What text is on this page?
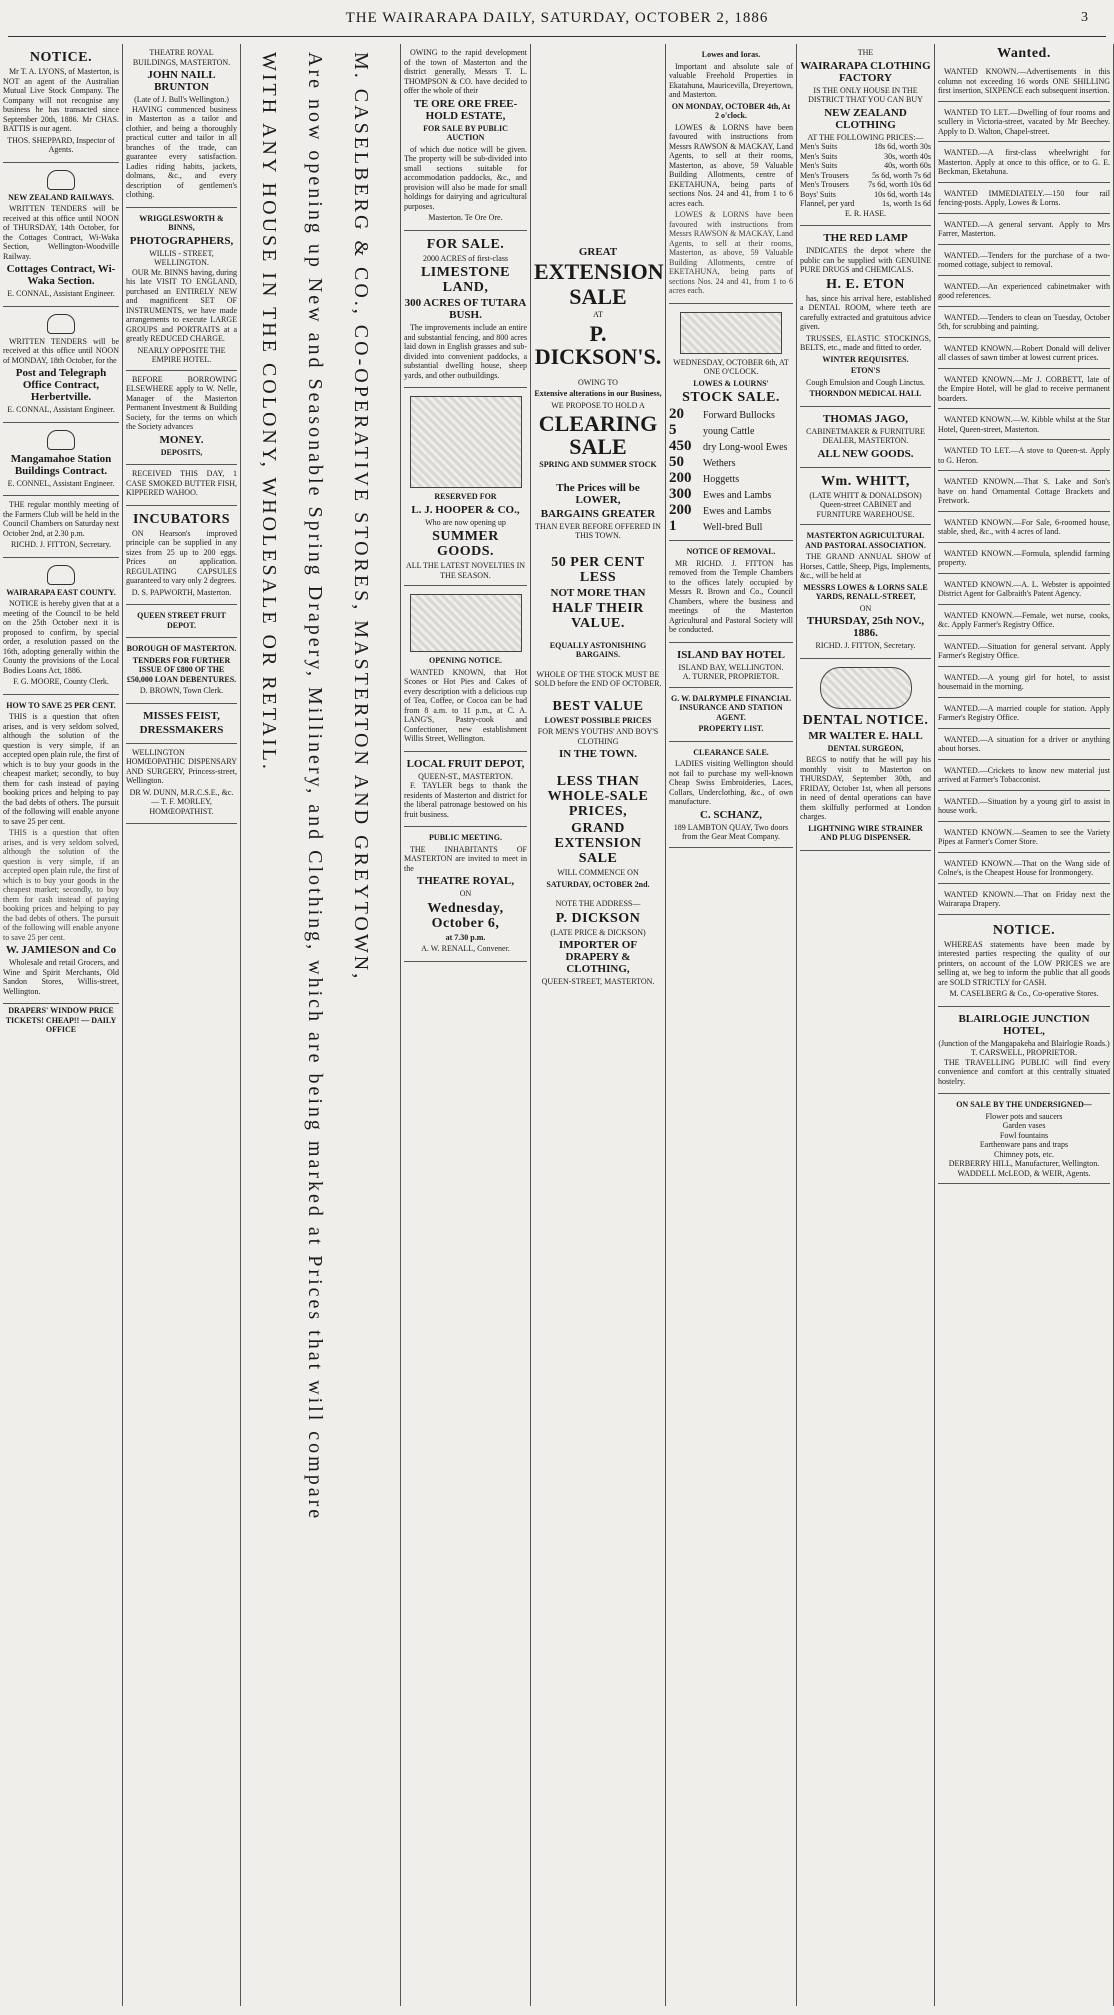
THE WAIRARAPA DAILY, SATURDAY, OCTOBER 2, 1886	3
NOTICE.

Mr T. A. LYONS, of Masterton, is NOT an agent of the Australian Mutual Live Stock Company. The Company will not recognise any business he has transacted since September 20th, 1886. Mr CHAS. BATTIS is our agent.

THOS. SHEPPARD, Inspector of Agents.

NEW ZEALAND RAILWAYS.

WRITTEN TENDERS will be received at this office until NOON of THURSDAY, 14th October, for the Cottages Contract, Wi-Waka Section, Wellington-Woodville Railway.

Cottages Contract, Wi-Waka Section.

E. CONNAL, Assistant Engineer.

WRITTEN TENDERS will be received at this office until NOON of MONDAY, 18th October, for the

Post and Telegraph Office Contract, Herbertville.

E. CONNAL, Assistant Engineer.

Mangamahoe Station Buildings Contract.

E. CONNEL, Assistant Engineer.

THE regular monthly meeting of the Farmers Club will be held in the Council Chambers on Saturday next October 2nd, at 2.30 p.m.

RICHD. J. FITTON, Secretary.

WAIRARAPA EAST COUNTY.

NOTICE is hereby given that at a meeting of the Council to be held on the 25th October next it is proposed to confirm, by special order, a resolution passed on the 16th, adopting generally within the County the provisions of the Local Bodies Loans Act, 1886.

F. G. MOORE, County Clerk.

HOW TO SAVE 25 PER CENT.

THIS is a question that often arises, and is very seldom solved, although the solution of the question is very simple, if an accepted open plain rule, the first of which is to buy your goods in the cheapest market; secondly, to buy them for cash instead of paying booking prices and helping to pay the bad debts of others. The pursuit of the following will enable anyone to save 25 per cent.

THIS is a question that often arises, and is very seldom solved, although the solution of the question is very simple, if an accepted open plain rule, the first of which is to buy your goods in the cheapest market; secondly, to buy them for cash instead of paying booking prices and helping to pay the bad debts of others. The pursuit of the following will enable anyone to save 25 per cent.

W. JAMIESON and Co

Wholesale and retail Grocers, and Wine and Spirit Merchants, Old Sandon Stores, Willis-street, Wellington.

DRAPERS' WINDOW PRICE TICKETS! CHEAP!! — DAILY OFFICE
THEATRE ROYAL BUILDINGS, MASTERTON.
JOHN NAILL BRUNTON
(Late of J. Bull's Wellington.)

HAVING commenced business in Masterton as a tailor and clothier, and being a thoroughly practical cutter and tailor in all branches of the trade, can guarantee every satisfaction. Ladies riding habits, jackets, dolmans, &c., and every description of gentlemen's clothing.

WRIGGLESWORTH & BINNS,
PHOTOGRAPHERS,
WILLIS - STREET, WELLINGTON.

OUR Mr. BINNS having, during his late VISIT TO ENGLAND, purchased an ENTIRELY NEW and magnificent SET OF INSTRUMENTS, we have made arrangements to execute LARGE GROUPS and PORTRAITS at a greatly REDUCED CHARGE.

NEARLY OPPOSITE THE EMPIRE HOTEL.

BEFORE BORROWING ELSEWHERE apply to W. Nelle, Manager of the Masterton Permanent Investment & Building Society, for the terms on which the Society advances

MONEY.
DEPOSITS,

RECEIVED THIS DAY, 1 CASE SMOKED BUTTER FISH, KIPPERED WAHOO.

INCUBATORS

ON Hearson's improved principle can be supplied in any sizes from 25 up to 200 eggs. Prices on application. REGULATING CAPSULES guaranteed to vary only 2 degrees.

D. S. PAPWORTH, Masterton.

QUEEN STREET FRUIT DEPOT.
BOROUGH OF MASTERTON.
TENDERS FOR FURTHER ISSUE OF £800 OF THE £50,000 LOAN DEBENTURES.

D. BROWN, Town Clerk.

MISSES FEIST,
DRESSMAKERS

WELLINGTON HOMŒOPATHIC DISPENSARY AND SURGERY, Princess-street, Wellington.

DR W. DUNN, M.R.C.S.E., &c. — T. F. MORLEY, HOMŒOPATHIST.	M. CASELBERG & CO., CO-OPERATIVE STORES, MASTERTON AND GREYTOWN,
Are now opening up New and Seasonable Spring Drapery, Millinery, and Clothing, which are being marked at Prices that will compare
WITH ANY HOUSE IN THE COLONY, WHOLESALE OR RETAIL.	OWING to the rapid development of the town of Masterton and the district generally, Messrs T. L. THOMPSON & CO. have decided to offer the whole of their

TE ORE ORE FREE-HOLD ESTATE,
FOR SALE BY PUBLIC AUCTION

of which due notice will be given. The property will be sub-divided into small sections suitable for accommodation paddocks, &c., and provision will also be made for small holdings for dairying and agricultural purposes.

Masterton. Te Ore Ore.

FOR SALE.
2000 ACRES of first-class
LIMESTONE LAND,
300 ACRES OF TUTARA BUSH.

The improvements include an entire and substantial fencing, and 800 acres laid down in English grasses and sub-divided into convenient paddocks, a substantial dwelling house, sheep yards, and other outbuildings.

RESERVED FOR
L. J. HOOPER & CO.,
Who are now opening up
SUMMER GOODS.
ALL THE LATEST NOVELTIES IN THE SEASON.
OPENING NOTICE.

WANTED KNOWN, that Hot Scones or Hot Pies and Cakes of every description with a delicious cup of Tea, Coffee, or Cocoa can be had from 8 a.m. to 11 p.m., at C. A. LANG'S, Pastry-cook and Confectioner, new establishment Willis Street, Wellington.

LOCAL FRUIT DEPOT,
QUEEN-ST., MASTERTON.

F. TAYLER begs to thank the residents of Masterton and district for the liberal patronage bestowed on his fruit business.

PUBLIC MEETING.

THE INHABITANTS OF MASTERTON are invited to meet in the

THEATRE ROYAL,
ON
Wednesday, October 6,
at 7.30 p.m.

A. W. RENALL, Convener.

GREAT
EXTENSION
SALE
AT
P. DICKSON'S.
OWING TO
Extensive alterations in our Business,
WE PROPOSE TO HOLD A
CLEARING SALE
SPRING AND SUMMER STOCK
The Prices will be LOWER,
BARGAINS GREATER
THAN EVER BEFORE OFFERED IN THIS TOWN.
50 PER CENT LESS
NOT MORE THAN
HALF THEIR VALUE.
EQUALLY ASTONISHING BARGAINS.
WHOLE OF THE STOCK MUST BE SOLD before the END OF OCTOBER.
BEST VALUE
LOWEST POSSIBLE PRICES
FOR MEN'S YOUTHS' AND BOY'S CLOTHING
IN THE TOWN.
LESS THAN WHOLE-SALE PRICES,
GRAND EXTENSION SALE
WILL COMMENCE ON
SATURDAY, OCTOBER 2nd.
NOTE THE ADDRESS—
P. DICKSON
(LATE PRICE & DICKSON)
IMPORTER OF DRAPERY & CLOTHING,
QUEEN-STREET, MASTERTON.
Lowes and Ioras.

Important and absolute sale of valuable Freehold Properties in Ekatahuna, Mauricevilla, Dreyertown, and Masterton.

ON MONDAY, OCTOBER 4th, At 2 o'clock.

LOWES & LORNS have been favoured with instructions from Messrs RAWSON & MACKAY, Land Agents, to sell at their rooms, Masterton, as above, 59 Valuable Building Allotments, centre of EKETAHUNA, being parts of sections Nos. 24 and 41, from 1 to 6 acres each.

LOWES & LORNS have been favoured with instructions from Messrs RAWSON & MACKAY, Land Agents, to sell at their rooms, Masterton, as above, 59 Valuable Building Allotments, centre of EKETAHUNA, being parts of sections Nos. 24 and 41, from 1 to 6 acres each.

WEDNESDAY, OCTOBER 6th, AT ONE O'CLOCK.
LOWES & LOURNS'
STOCK SALE.
20 Forward Bullocks
5	young Cattle
450 dry Long-wool Ewes
50 Wethers
200 Hoggetts
300 Ewes and Lambs
200 Ewes and Lambs
1	Well-bred Bull
NOTICE OF REMOVAL.

MR RICHD. J. FITTON has removed from the Temple Chambers to the offices lately occupied by Messrs R. Brown and Co., Council Chambers, where the business and meetings of the Masterton Agricultural and Pastoral Society will be conducted.

ISLAND BAY HOTEL
ISLAND BAY, WELLINGTON.
A. TURNER, PROPRIETOR.
G. W. DALRYMPLE FINANCIAL INSURANCE AND STATION AGENT.
PROPERTY LIST.
CLEARANCE SALE.

LADIES visiting Wellington should not fail to purchase my well-known Cheap Swiss Embroideries, Laces, Collars, Underclothing, &c., of own manufacture.

C. SCHANZ,
189 LAMBTON QUAY, Two doors from the Gear Meat Company.
THE
WAIRARAPA CLOTHING FACTORY
IS THE ONLY HOUSE IN THE DISTRICT THAT YOU CAN BUY
NEW ZEALAND CLOTHING
AT THE FOLLOWING PRICES:—
Men's Suits	18s 6d, worth 30s
Men's Suits	30s, worth 40s
Men's Suits	40s, worth 60s
Men's Trousers	5s 6d, worth 7s 6d
Men's Trousers 7s 6d, worth 10s 6d
Boys' Suits	10s 6d, worth 14s
Flannel, per yard	1s, worth 1s 6d

E. R. HASE.

THE RED LAMP

INDICATES the depot where the public can be supplied with GENUINE PURE DRUGS and CHEMICALS.

H. E. ETON

has, since his arrival here, established a DENTAL ROOM, where teeth are carefully extracted and gratuitous advice given.

TRUSSES, ELASTIC STOCKINGS, BELTS, etc., made and fitted to order.

WINTER REQUISITES.
ETON'S
Cough Emulsion and Cough Linctus.
THORNDON MEDICAL HALL
THOMAS JAGO,
CABINETMAKER & FURNITURE DEALER, MASTERTON.
ALL NEW GOODS.
Wm. WHITT,
(LATE WHITT & DONALDSON) Queen-street CABINET and FURNITURE WAREHOUSE.
MASTERTON AGRICULTURAL AND PASTORAL ASSOCIATION.

THE GRAND ANNUAL SHOW of Horses, Cattle, Sheep, Pigs, Implements, &c., will be held at

MESSRS LOWES & LORNS SALE YARDS, RENALL-STREET,
ON
THURSDAY, 25th NOV., 1886.

RICHD. J. FITTON, Secretary.

DENTAL NOTICE.
MR WALTER E. HALL
DENTAL SURGEON,

BEGS to notify that he will pay his monthly visit to Masterton on THURSDAY, September 30th, and FRIDAY, October 1st, when all persons in need of dental operations can have them skilfully performed at London charges.

LIGHTNING WIRE STRAINER AND PLUG DISPENSER.
Wanted.

WANTED KNOWN.—Advertisements in this column not exceeding 16 words ONE SHILLING first insertion, SIXPENCE each subsequent insertion.

WANTED TO LET.—Dwelling of four rooms and scullery in Victoria-street, vacated by Mr Beechey. Apply to D. Walton, Chapel-street.

WANTED.—A first-class wheelwright for Masterton. Apply at once to this office, or to G. E. Beckman, Eketahuna.

WANTED IMMEDIATELY.—150 four rail fencing-posts. Apply, Lowes & Lorns.

WANTED.—A general servant. Apply to Mrs Farrer, Masterton.

WANTED.—Tenders for the purchase of a two-roomed cottage, subject to removal.

WANTED.—An experienced cabinetmaker with good references.

WANTED.—Tenders to clean on Tuesday, October 5th, for scrubbing and painting.

WANTED KNOWN.—Robert Donald will deliver all classes of sawn timber at lowest current prices.

WANTED KNOWN.—Mr J. CORBETT, late of the Empire Hotel, will be glad to receive permanent boarders.

WANTED KNOWN.—W. Kibble whilst at the Star Hotel, Queen-street, Masterton.

WANTED TO LET.—A stove to Queen-st. Apply to G. Heron.

WANTED KNOWN.—That S. Lake and Son's have on hand Ornamental Cottage Brackets and Fretwork.

WANTED KNOWN.—For Sale, 6-roomed house, stable, shed, &c., with 4 acres of land.

WANTED KNOWN.—Formula, splendid farming property.

WANTED KNOWN.—A. L. Webster is appointed District Agent for Galbraith's Patent Agency.

WANTED KNOWN.—Female, wet nurse, cooks, &c. Apply Farmer's Registry Office.

WANTED.—Situation for general servant. Apply Farmer's Registry Office.

WANTED.—A young girl for hotel, to assist housemaid in the morning.

WANTED.—A married couple for station. Apply Farmer's Registry Office.

WANTED.—A situation for a driver or anything about horses.

WANTED.—Crickets to know new material just arrived at Farmer's Tobacconist.

WANTED.—Situation by a young girl to assist in house work.

WANTED KNOWN.—Seamen to see the Variety Pipes at Farmer's Corner Store.

WANTED KNOWN.—That on the Wang side of Colne's, is the Cheapest House for Ironmongery.

WANTED KNOWN.—That on Friday next the Wairarapa Drapery.

NOTICE.

WHEREAS statements have been made by interested parties respecting the quality of our printers, on account of the LOW PRICES we are selling at, we beg to inform the public that all goods are SOLD STRICTLY for CASH.

M. CASELBERG & Co., Co-operative Stores.

BLAIRLOGIE JUNCTION HOTEL,
(Junction of the Mangapakeha and Blairlogie Roads.)
T. CARSWELL, PROPRIETOR.

THE TRAVELLING PUBLIC will find every convenience and comfort at this centrally situated hostelry.

ON SALE BY THE UNDERSIGNED—
Flower pots and saucers
Garden vases
Fowl fountains
Earthenware pans and traps
Chimney pots, etc.
DERBERRY HILL, Manufacturer, Wellington.
WADDELL McLEOD, & WEIR, Agents.
